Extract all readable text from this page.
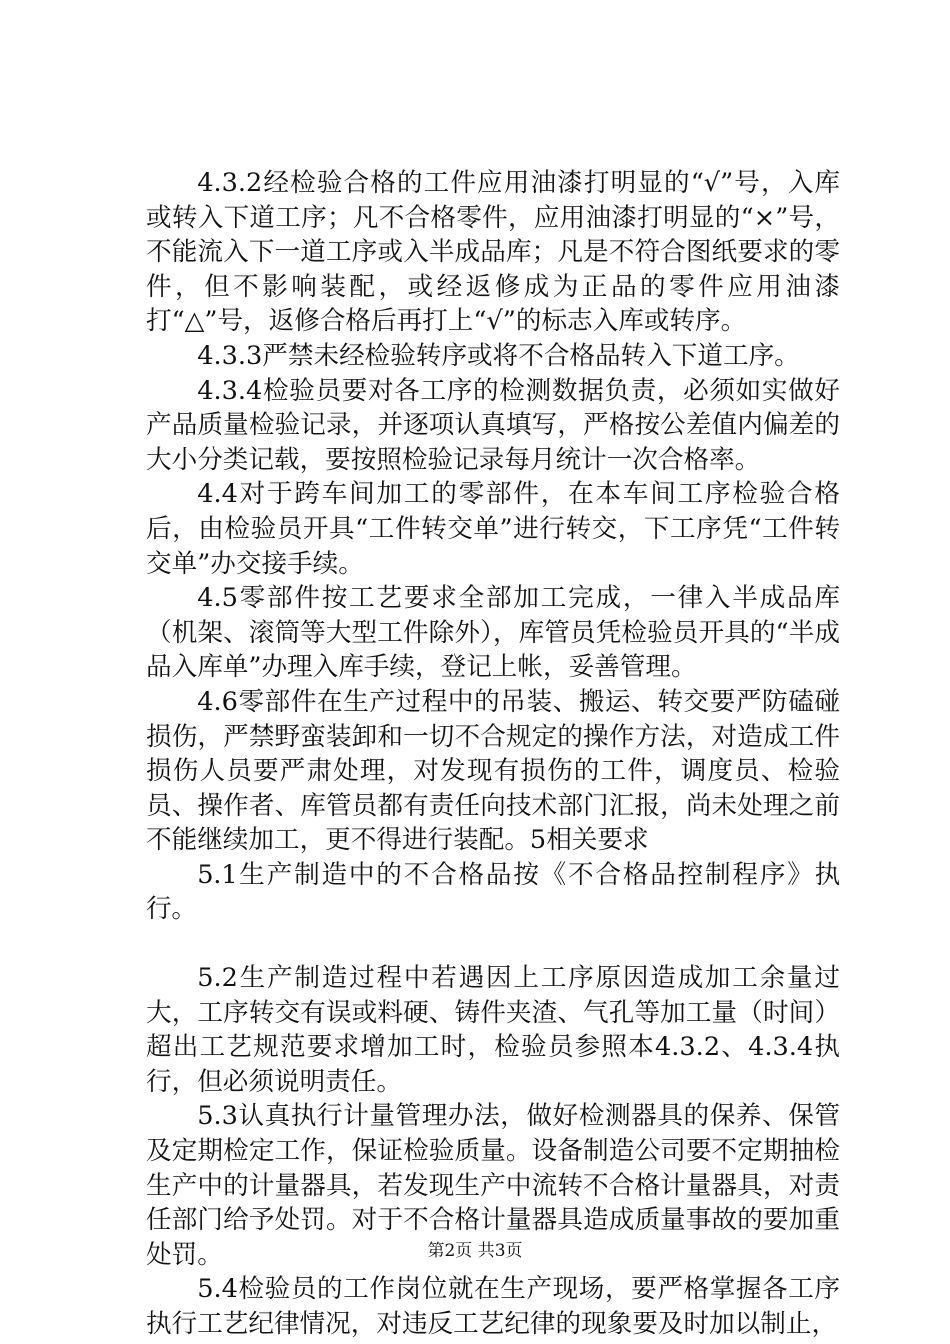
4.3.2经检验合格的工件应用油漆打明显的“√”号，入库或转入下道工序；凡不合格零件，应用油漆打明显的“×”号，不能流入下一道工序或入半成品库；凡是不符合图纸要求的零件，但不影响装配，或经返修成为正品的零件应用油漆打“△”号，返修合格后再打上“√”的标志入库或转序。

4.3.3严禁未经检验转序或将不合格品转入下道工序。

4.3.4检验员要对各工序的检测数据负责，必须如实做好产品质量检验记录，并逐项认真填写，严格按公差值内偏差的大小分类记载，要按照检验记录每月统计一次合格率。

4.4对于跨车间加工的零部件，在本车间工序检验合格后，由检验员开具“工件转交单”进行转交，下工序凭“工件转交单”办交接手续。

4.5零部件按工艺要求全部加工完成，一律入半成品库（机架、滚筒等大型工件除外），库管员凭检验员开具的“半成品入库单”办理入库手续，登记上帐，妥善管理。

4.6零部件在生产过程中的吊装、搬运、转交要严防磕碰损伤，严禁野蛮装卸和一切不合规定的操作方法，对造成工件损伤人员要严肃处理，对发现有损伤的工件，调度员、检验员、操作者、库管员都有责任向技术部门汇报，尚未处理之前不能继续加工，更不得进行装配。5相关要求

5.1生产制造中的不合格品按《不合格品控制程序》执行。

5.2生产制造过程中若遇因上工序原因造成加工余量过大，工序转交有误或料硬、铸件夹渣、气孔等加工量（时间）超出工艺规范要求增加工时，检验员参照本4.3.2、4.3.4执行，但必须说明责任。

5.3认真执行计量管理办法，做好检测器具的保养、保管及定期检定工作，保证检验质量。设备制造公司要不定期抽检生产中的计量器具，若发现生产中流转不合格计量器具，对责任部门给予处罚。对于不合格计量器具造成质量事故的要加重处罚。

5.4检验员的工作岗位就在生产现场，要严格掌握各工序执行工艺纪律情况，对违反工艺纪律的现象要及时加以制止，

第2页 共3页
